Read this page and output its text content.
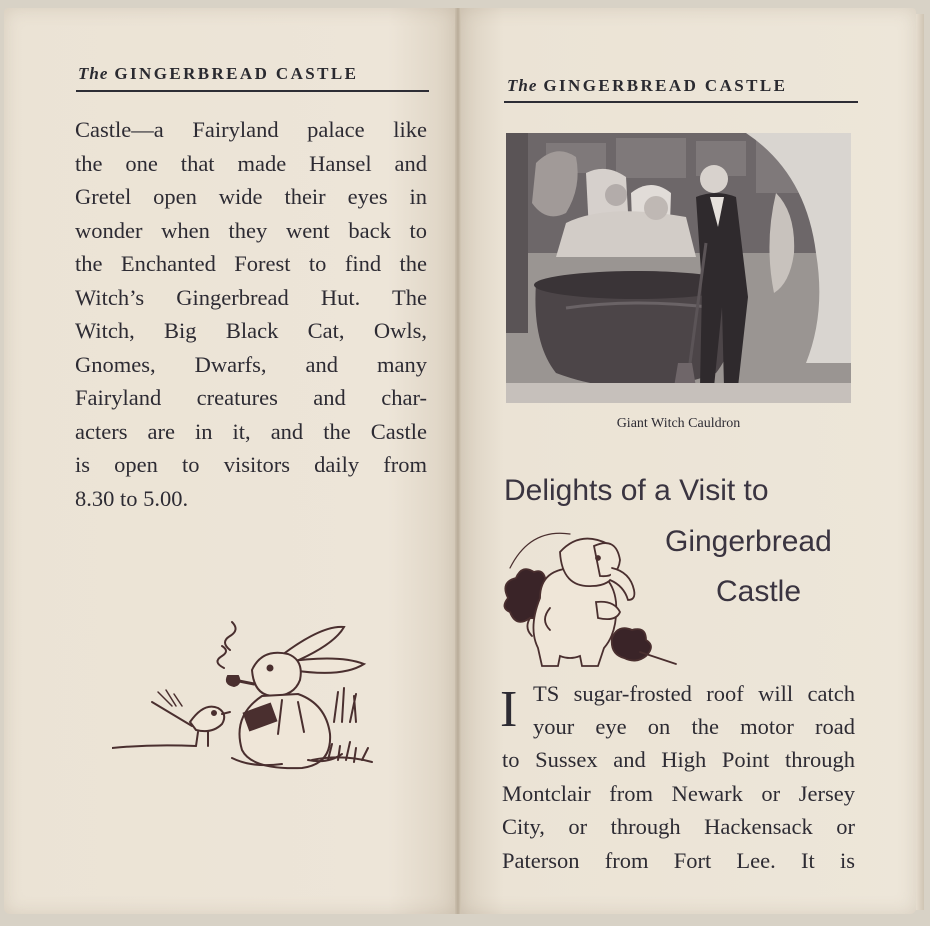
The GINGERBREAD CASTLE
Castle—a Fairyland palace like
the one that made Hansel and
Gretel open wide their eyes in
wonder when they went back to
the Enchanted Forest to find the
Witch’s Gingerbread Hut. The
Witch, Big Black Cat, Owls,
Gnomes, Dwarfs, and many
Fairyland creatures and char-
acters are in it, and the Castle
is open to visitors daily from
8.30 to 5.00.
The GINGERBREAD CASTLE
Giant Witch Cauldron
Delights of a Visit to
Gingerbread
Castle
I TS sugar-frosted roof will catch
your eye on the motor road
to Sussex and High Point through
Montclair from Newark or Jersey
City, or through Hackensack or
Paterson from Fort Lee. It is
